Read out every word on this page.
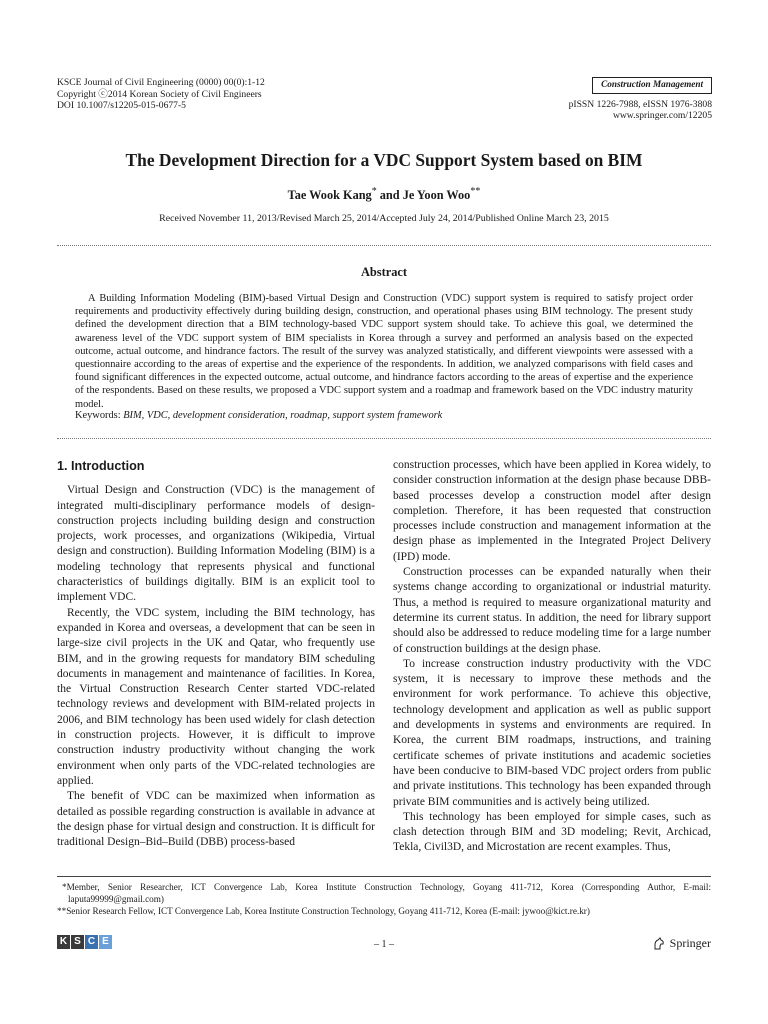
KSCE Journal of Civil Engineering (0000) 00(0):1-12
Copyright ⓒ2014 Korean Society of Civil Engineers
DOI 10.1007/s12205-015-0677-5
Construction Management
pISSN 1226-7988, eISSN 1976-3808
www.springer.com/12205
The Development Direction for a VDC Support System based on BIM
Tae Wook Kang* and Je Yoon Woo**
Received November 11, 2013/Revised March 25, 2014/Accepted July 24, 2014/Published Online March 23, 2015
Abstract

A Building Information Modeling (BIM)-based Virtual Design and Construction (VDC) support system is required to satisfy project order requirements and productivity effectively during building design, construction, and operational phases using BIM technology. The present study defined the development direction that a BIM technology-based VDC support system should take. To achieve this goal, we determined the awareness level of the VDC support system of BIM specialists in Korea through a survey and performed an analysis based on the expected outcome, actual outcome, and hindrance factors. The result of the survey was analyzed statistically, and different viewpoints were assessed with a questionnaire according to the areas of expertise and the experience of the respondents. In addition, we analyzed comparisons with field cases and found significant differences in the expected outcome, actual outcome, and hindrance factors according to the areas of expertise and the experience of the respondents. Based on these results, we proposed a VDC support system and a roadmap and framework based on the VDC industry maturity model.

Keywords: BIM, VDC, development consideration, roadmap, support system framework

1. Introduction

Virtual Design and Construction (VDC) is the management of integrated multi-disciplinary performance models of design-construction projects including building design and construction projects, work processes, and organizations (Wikipedia, Virtual design and construction). Building Information Modeling (BIM) is a modeling technology that represents physical and functional characteristics of buildings digitally. BIM is an explicit tool to implement VDC.

Recently, the VDC system, including the BIM technology, has expanded in Korea and overseas, a development that can be seen in large-size civil projects in the UK and Qatar, who frequently use BIM, and in the growing requests for mandatory BIM scheduling documents in management and maintenance of facilities. In Korea, the Virtual Construction Research Center started VDC-related technology reviews and development with BIM-related projects in 2006, and BIM technology has been used widely for clash detection in construction projects. However, it is difficult to improve construction industry productivity without changing the work environment when only parts of the VDC-related technologies are applied.

The benefit of VDC can be maximized when information as detailed as possible regarding construction is available in advance at the design phase for virtual design and construction. It is difficult for traditional Design–Bid–Build (DBB) process-based

construction processes, which have been applied in Korea widely, to consider construction information at the design phase because DBB-based processes develop a construction model after design completion. Therefore, it has been requested that construction processes include construction and management information at the design phase as implemented in the Integrated Project Delivery (IPD) mode.

Construction processes can be expanded naturally when their systems change according to organizational or industrial maturity. Thus, a method is required to measure organizational maturity and determine its current status. In addition, the need for library support should also be addressed to reduce modeling time for a large number of construction buildings at the design phase.

To increase construction industry productivity with the VDC system, it is necessary to improve these methods and the environment for work performance. To achieve this objective, technology development and application as well as public support and developments in systems and environments are required. In Korea, the current BIM roadmaps, instructions, and training certificate schemes of private institutions and academic societies have been conducive to BIM-based VDC project orders from public and private institutions. This technology has been expanded through private BIM communities and is actively being utilized.

This technology has been employed for simple cases, such as clash detection through BIM and 3D modeling; Revit, Archicad, Tekla, Civil3D, and Microstation are recent examples. Thus,

*Member, Senior Researcher, ICT Convergence Lab, Korea Institute Construction Technology, Goyang 411-712, Korea (Corresponding Author, E-mail: laputa99999@gmail.com)

**Senior Research Fellow, ICT Convergence Lab, Korea Institute Construction Technology, Goyang 411-712, Korea (E-mail: jywoo@kict.re.kr)

K S C E	– 1 –	Springer
